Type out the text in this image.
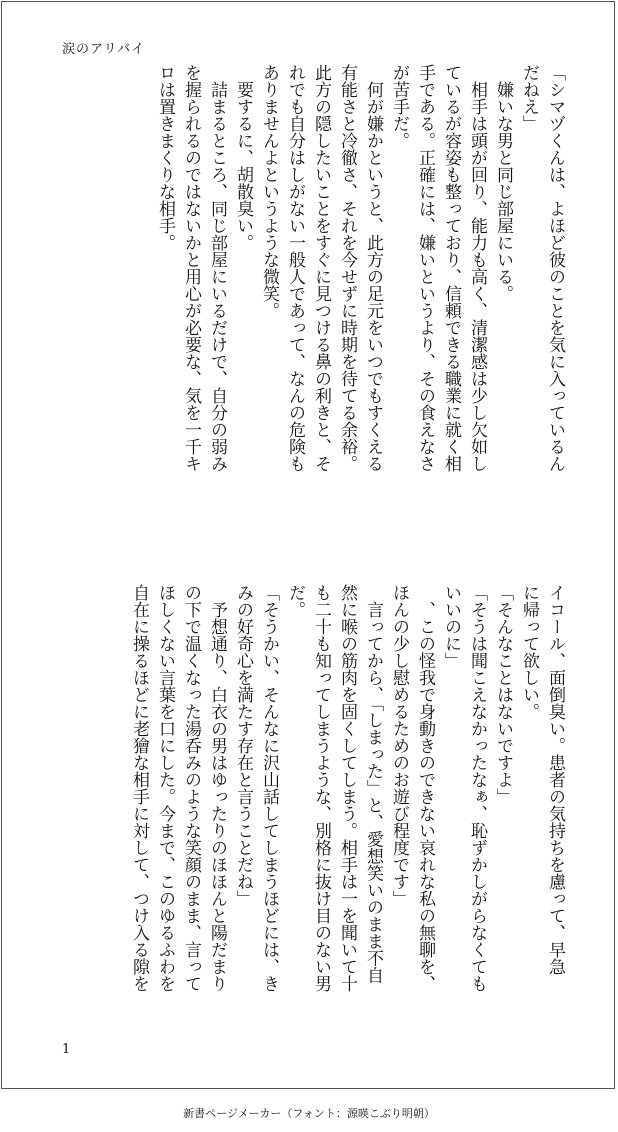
涙のアリバイ

「シマヅくんは、よほど彼のことを気に入っているん

だねえ」

　嫌いな男と同じ部屋にいる。

　相手は頭が回り、能力も高く、清潔感は少し欠如し

ているが容姿も整っており、信頼できる職業に就く相

手である。正確には、嫌いというより、その食えなさ

が苦手だ。

　何が嫌かというと、此方の足元をいつでもすくえる

有能さと冷徹さ、それを今せずに時期を待てる余裕。

此方の隠したいことをすぐに見つける鼻の利きと、そ

れでも自分はしがない一般人であって、なんの危険も

ありませんよというような微笑。

　要するに、胡散臭い。

　詰まるところ、同じ部屋にいるだけで、自分の弱み

を握られるのではないかと用心が必要な、気を一千キ

ロは置きまくりな相手。

イコール、面倒臭い。患者の気持ちを慮って、早急

に帰って欲しい。

「そんなことはないですよ」

「そうは聞こえなかったなぁ、恥ずかしがらなくても

いいのに」

　、この怪我で身動きのできない哀れな私の無聊を、

ほんの少し慰めるためのお遊び程度です」

　言ってから、「しまった」と、愛想笑いのまま不自

然に喉の筋肉を固くしてしまう。相手は一を聞いて十

も二十も知ってしまうような、別格に抜け目のない男

だ。

「そうかい、そんなに沢山話してしまうほどには、き

みの好奇心を満たす存在と言うことだね」

　予想通り、白衣の男はゆったりのほほんと陽だまり

の下で温くなった湯呑みのような笑顔のまま、言って

ほしくない言葉を口にした。今まで、このゆるふわを

自在に操るほどに老獪な相手に対して、つけ入る隙を

1
新書ページメーカー（フォント：源暎こぶり明朝）
